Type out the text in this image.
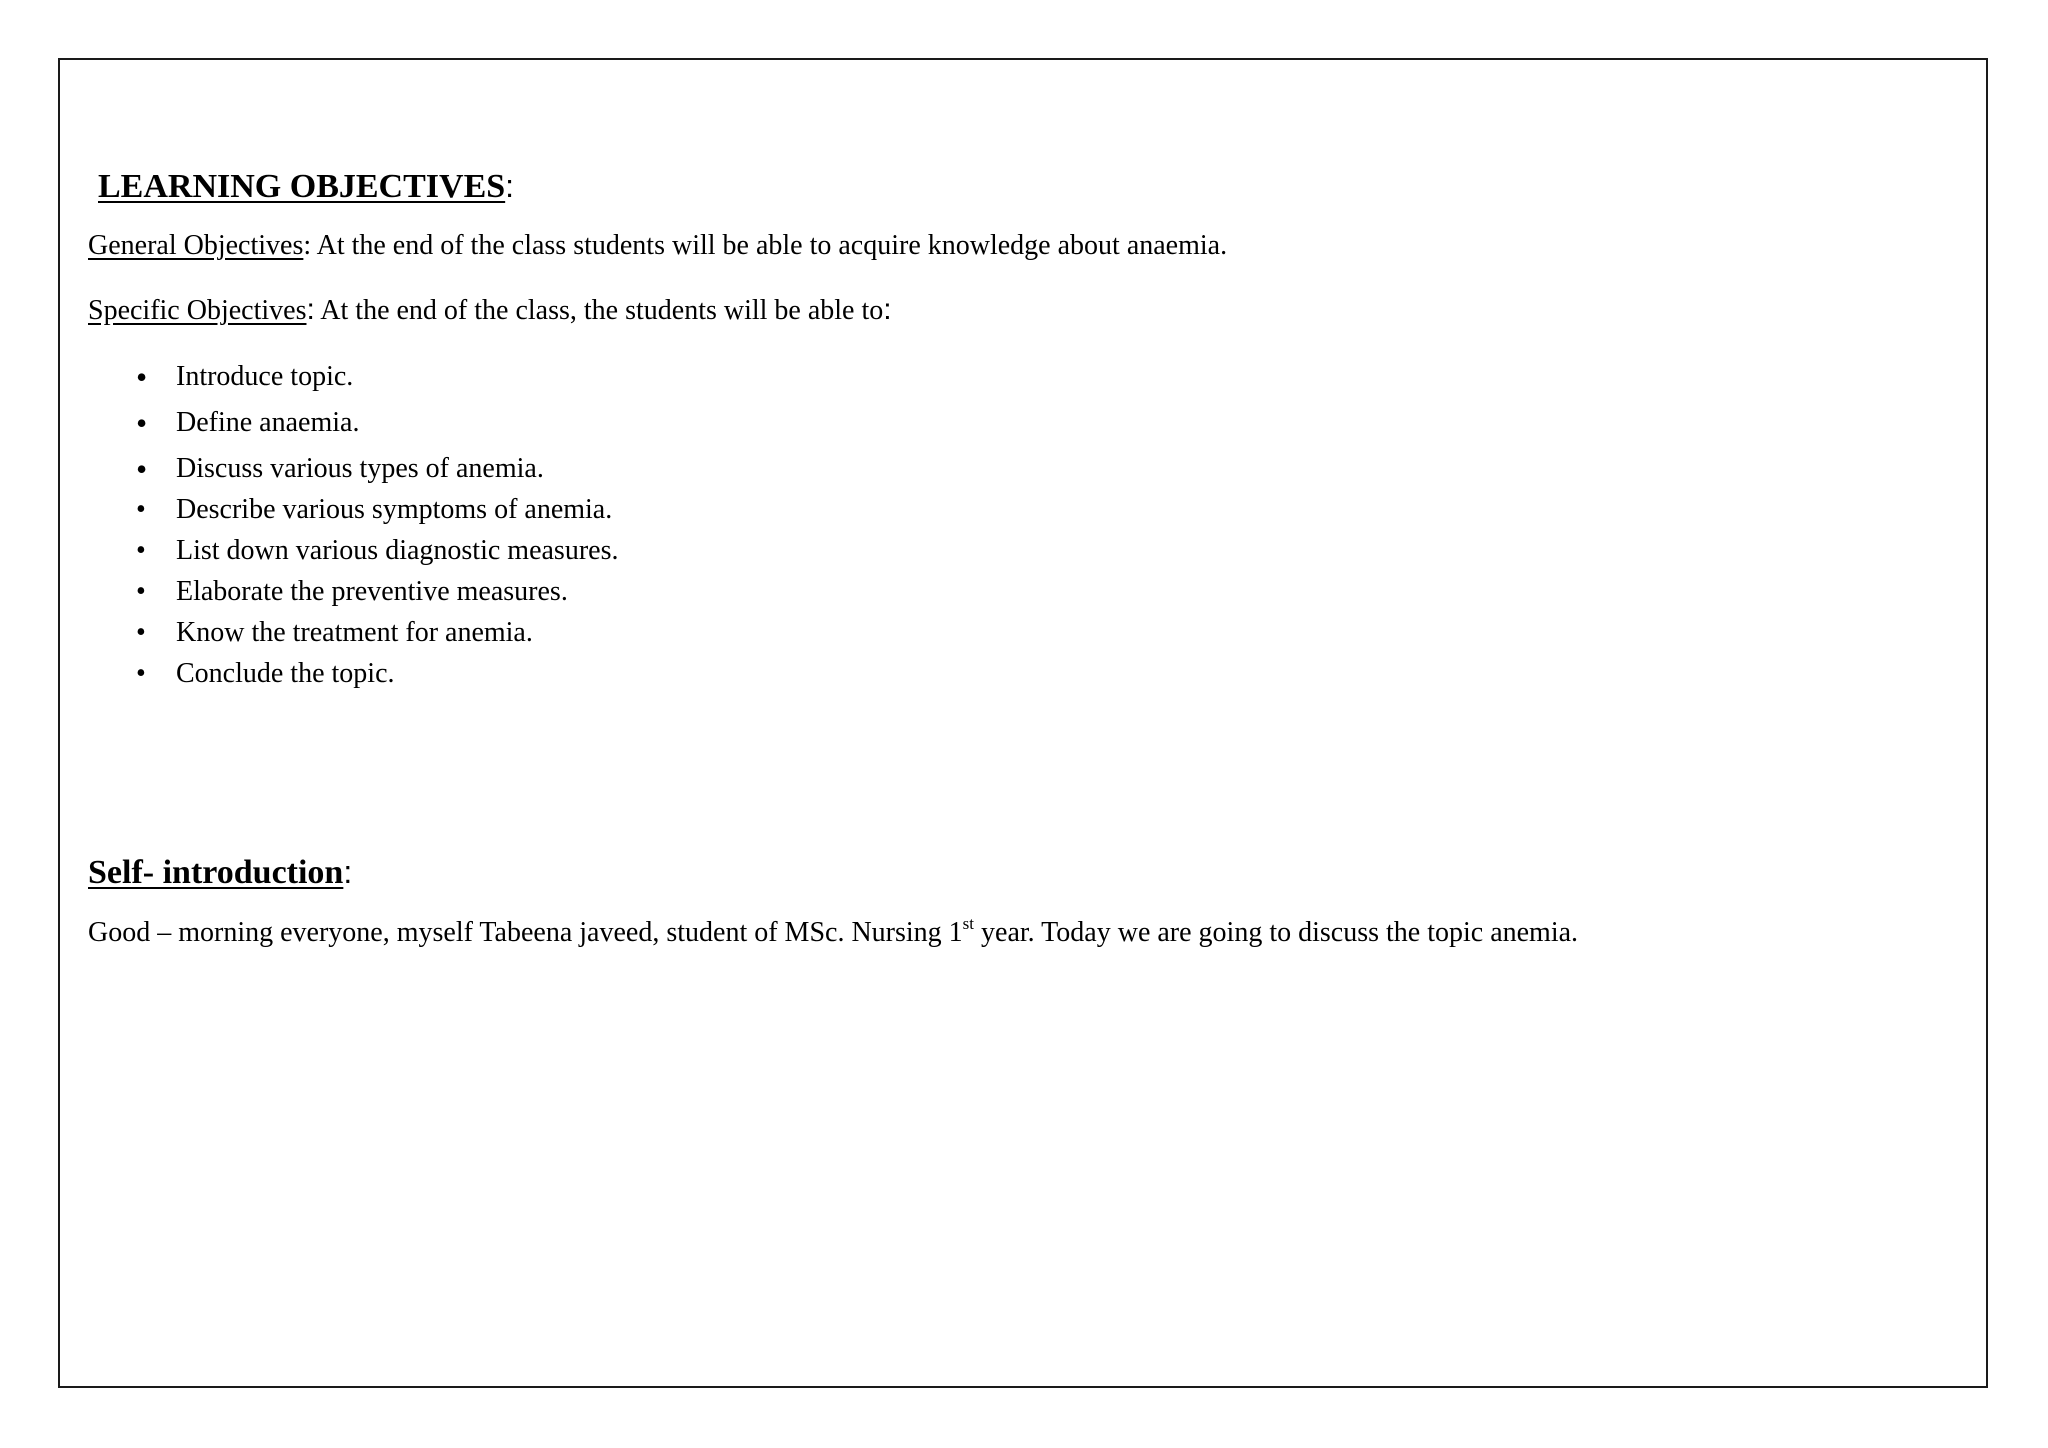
LEARNING OBJECTIVES:
General Objectives: At the end of the class students will be able to acquire knowledge about anaemia.
Specific Objectives: At the end of the class, the students will be able to:
• Introduce topic.
• Define anaemia.
• Discuss various types of anemia.
• Describe various symptoms of anemia.
• List down various diagnostic measures.
• Elaborate the preventive measures.
• Know the treatment for anemia.
• Conclude the topic.
Self- introduction:
Good – morning everyone, myself Tabeena javeed, student of MSc. Nursing 1st year. Today we are going to discuss the topic anemia.
